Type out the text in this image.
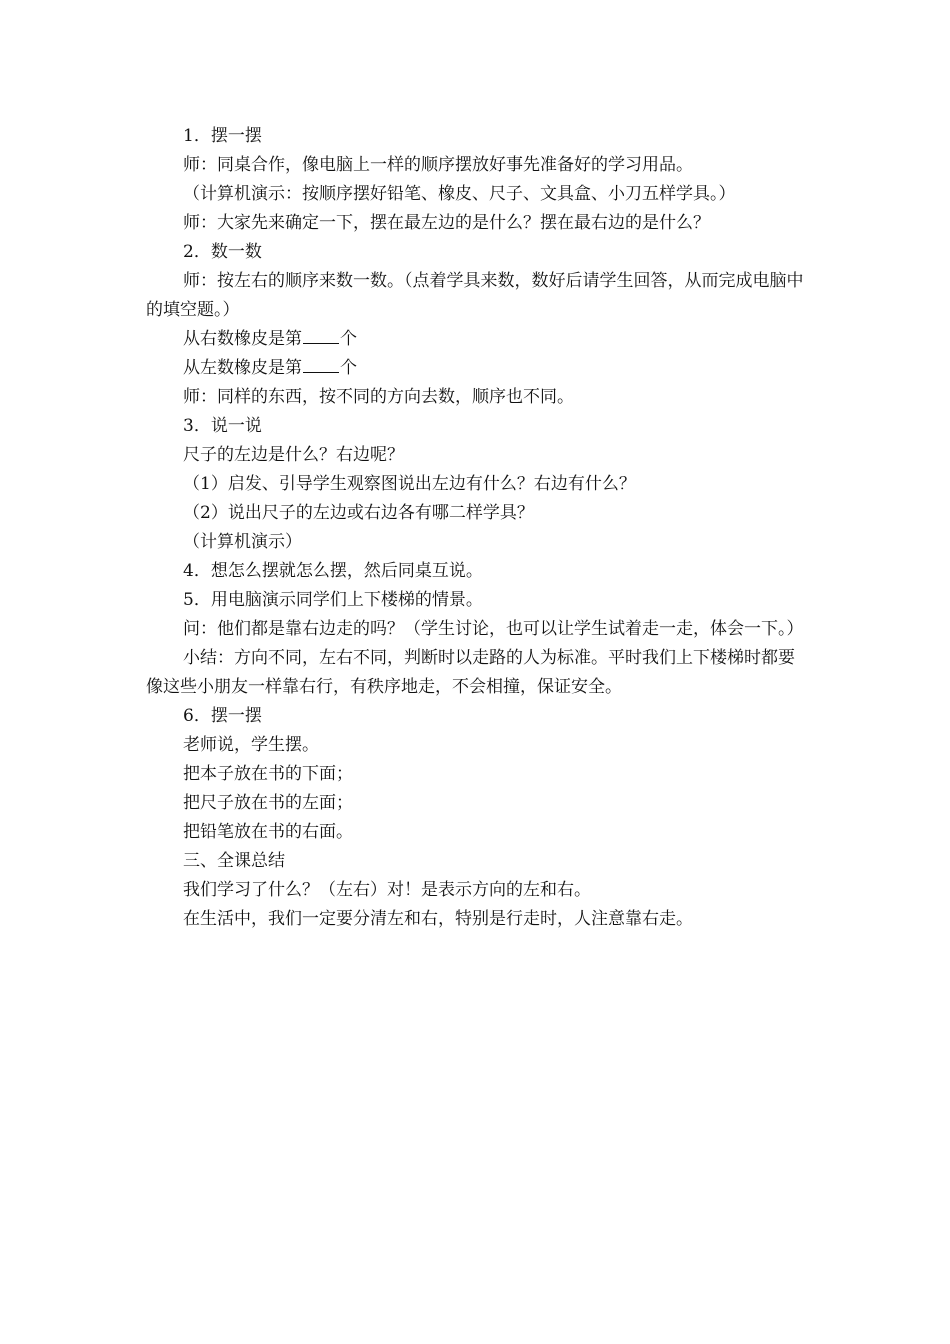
1．摆一摆

师：同桌合作，像电脑上一样的顺序摆放好事先准备好的学习用品。

（计算机演示：按顺序摆好铅笔、橡皮、尺子、文具盒、小刀五样学具。）

师：大家先来确定一下，摆在最左边的是什么？摆在最右边的是什么？

2．数一数

师：按左右的顺序来数一数。（点着学具来数，数好后请学生回答，从而完成电脑中的填空题。）

从右数橡皮是第 个

从左数橡皮是第 个

师：同样的东西，按不同的方向去数，顺序也不同。

3．说一说

尺子的左边是什么？右边呢？

（1）启发、引导学生观察图说出左边有什么？右边有什么？

（2）说出尺子的左边或右边各有哪二样学具？

（计算机演示）

4．想怎么摆就怎么摆，然后同桌互说。

5．用电脑演示同学们上下楼梯的情景。

问：他们都是靠右边走的吗？（学生讨论，也可以让学生试着走一走，体会一下。）

小结：方向不同，左右不同，判断时以走路的人为标准。平时我们上下楼梯时都要像这些小朋友一样靠右行，有秩序地走，不会相撞，保证安全。

6．摆一摆

老师说，学生摆。

把本子放在书的下面；

把尺子放在书的左面；

把铅笔放在书的右面。

三、全课总结

我们学习了什么？（左右）对！是表示方向的左和右。

在生活中，我们一定要分清左和右，特别是行走时，人注意靠右走。
